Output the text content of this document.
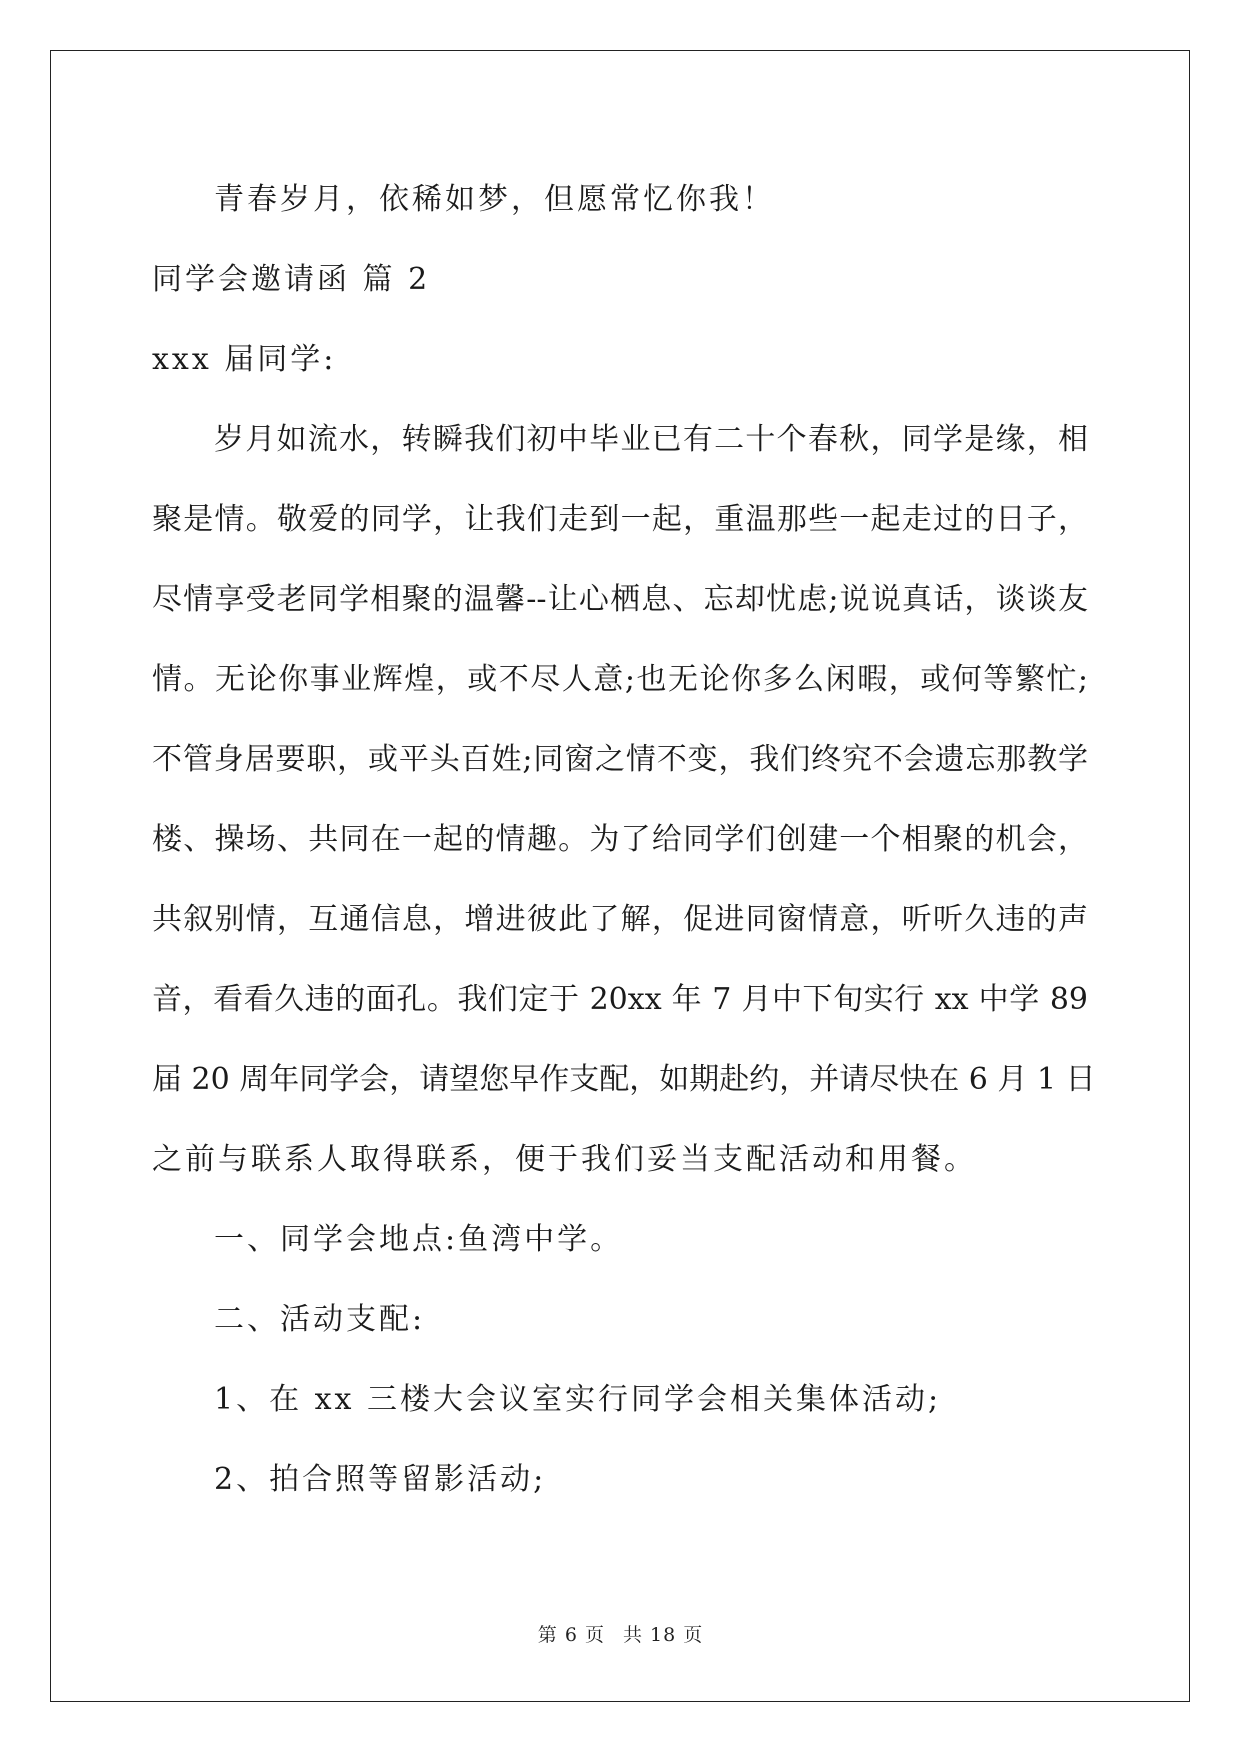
青春岁月，依稀如梦，但愿常忆你我！
同学会邀请函 篇 2
xxx 届同学:
岁月如流水，转瞬我们初中毕业已有二十个春秋，同学是缘，相
聚是情。敬爱的同学，让我们走到一起，重温那些一起走过的日子，
尽情享受老同学相聚的温馨--让心栖息、忘却忧虑;说说真话，谈谈友
情。无论你事业辉煌，或不尽人意;也无论你多么闲暇，或何等繁忙;
不管身居要职，或平头百姓;同窗之情不变，我们终究不会遗忘那教学
楼、操场、共同在一起的情趣。为了给同学们创建一个相聚的机会，
共叙别情，互通信息，增进彼此了解，促进同窗情意，听听久违的声
音，看看久违的面孔。我们定于 20xx 年 7 月中下旬实行 xx 中学 89
届 20 周年同学会，请望您早作支配，如期赴约，并请尽快在 6 月 1 日
之前与联系人取得联系，便于我们妥当支配活动和用餐。
一、同学会地点:鱼湾中学。
二、活动支配:
1、在 xx 三楼大会议室实行同学会相关集体活动;
2、拍合照等留影活动;
第 6 页 共 18 页
